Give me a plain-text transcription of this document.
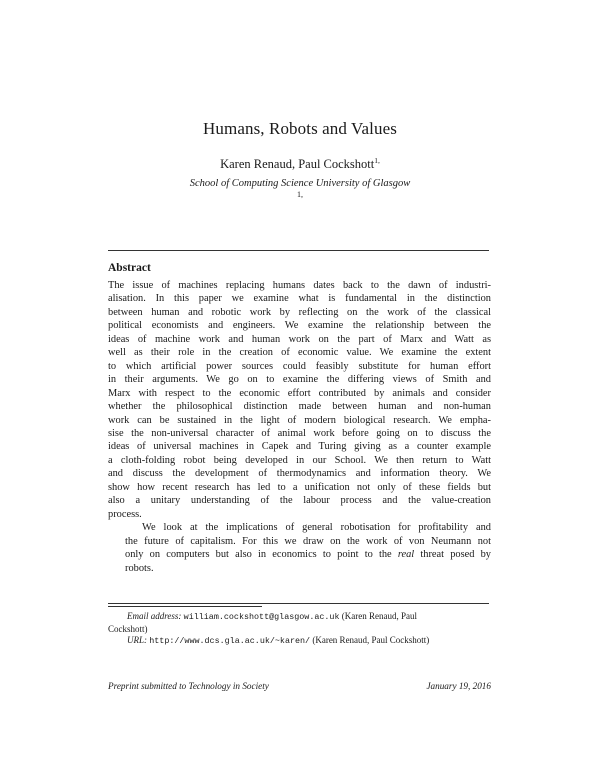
Humans, Robots and Values
Karen Renaud, Paul Cockshott$^{1,}$
School of Computing Science University of Glasgow
1,
Abstract

The issue of machines replacing humans dates back to the dawn of industri-
alisation. In this paper we examine what is fundamental in the distinction
between human and robotic work by reflecting on the work of the classical
political economists and engineers. We examine the relationship between the
ideas of machine work and human work on the part of Marx and Watt as
well as their role in the creation of economic value. We examine the extent
to which artificial power sources could feasibly substitute for human effort
in their arguments. We go on to examine the differing views of Smith and
Marx with respect to the economic effort contributed by animals and consider
whether the philosophical distinction made between human and non-human
work can be sustained in the light of modern biological research. We empha-
sise the non-universal character of animal work before going on to discuss the
ideas of universal machines in Capek and Turing giving as a counter example
a cloth-folding robot being developed in our School. We then return to Watt
and discuss the development of thermodynamics and information theory. We
show how recent research has led to a unification not only of these fields but
also a unitary understanding of the labour process and the value-creation
process.

We look at the implications of general robotisation for profitability and
the future of capitalism. For this we draw on the work of von Neumann not
only on computers but also in economics to point to the real threat posed by
robots.

Email address: william.cockshott@glasgow.ac.uk (Karen Renaud, Paul
Cockshott)
URL: http://www.dcs.gla.ac.uk/~karen/ (Karen Renaud, Paul Cockshott)
Preprint submitted to Technology in Society	January 19, 2016
